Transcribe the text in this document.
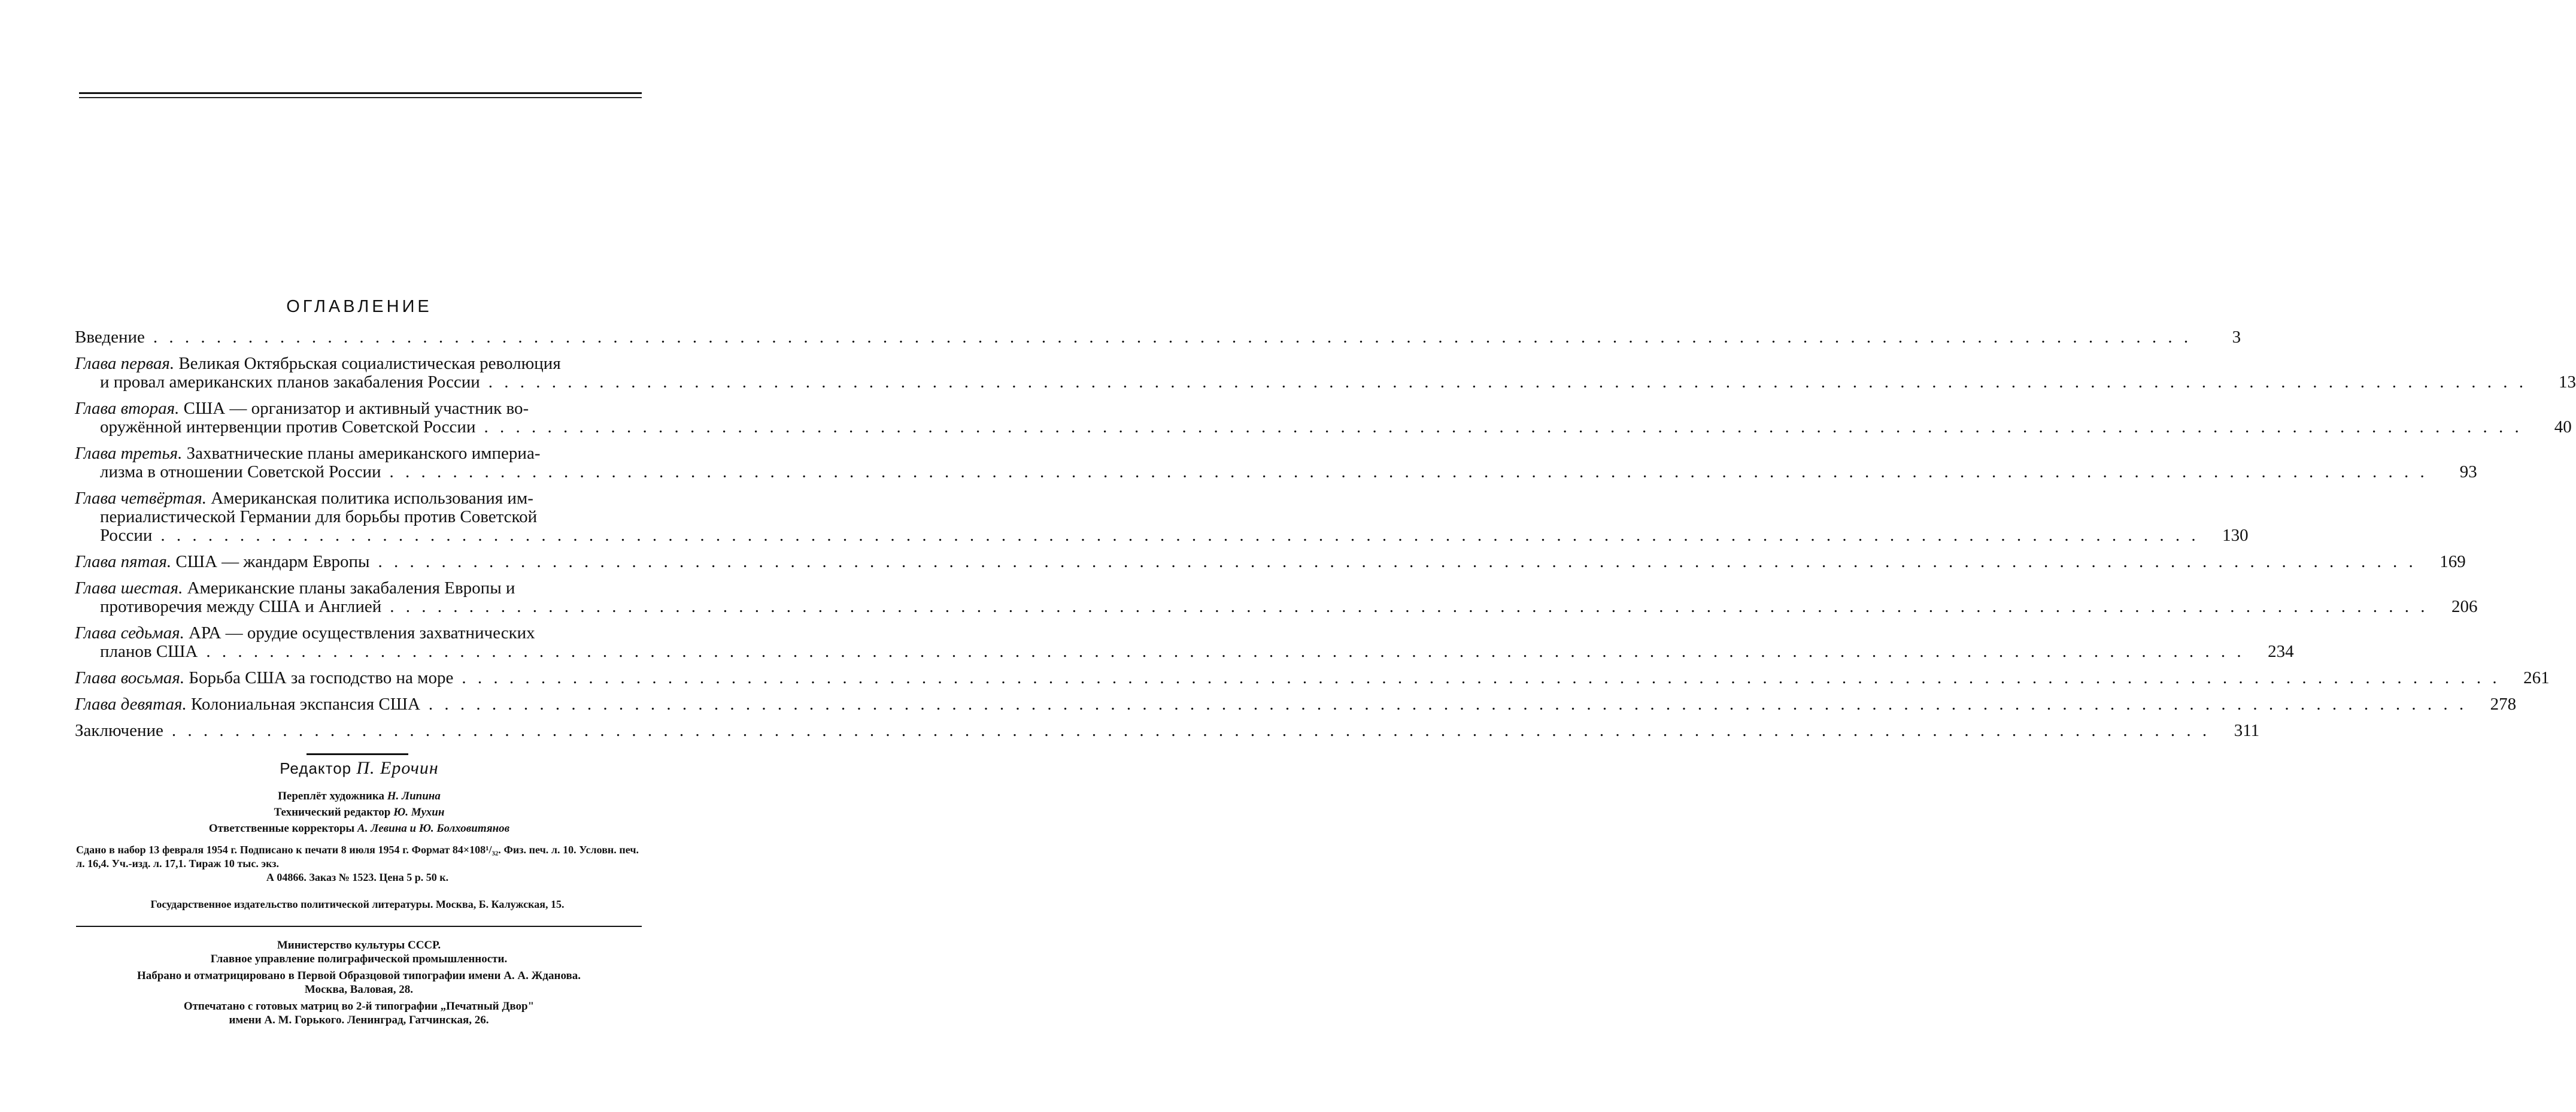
ОГЛАВЛЕНИЕ
Введение . . .	3
Глава первая. Великая Октябрьская социалистическая революция
и провал американских планов закабаления России . . .	13
Глава вторая. США — организатор и активный участник во-
оружённой интервенции против Советской России . . .	40
Глава третья. Захватнические планы американского империа-
лизма в отношении Советской России . . .	93
Глава четвёртая. Американская политика использования им-
периалистической Германии для борьбы против Советской
России . . .	130
Глава пятая. США — жандарм Европы . . .	169
Глава шестая. Американские планы закабаления Европы и
противоречия между США и Англией . . .	206
Глава седьмая. АРА — орудие осуществления захватнических
планов США . . .	234
Глава восьмая. Борьба США за господство на море . . .	261
Глава девятая. Колониальная экспансия США . . .	278
Заключение . . .	311
Редактор П. Ерочин
Переплёт художника Н. Липина
Технический редактор Ю. Мухин
Ответственные корректоры А. Левина и Ю. Болховитянов
Сдано в набор 13 февраля 1954 г. Подписано к печати 8 июля 1954 г. Формат 84×108¹/₃₂. Физ. печ. л. 10. Условн. печ. л. 16,4. Уч.-изд. л. 17,1. Тираж 10 тыс. экз.
А 04866. Заказ № 1523. Цена 5 р. 50 к.
Государственное издательство политической литературы. Москва, Б. Калужская, 15.

Министерство культуры СССР.
Главное управление полиграфической промышленности.

Набрано и отматрицировано в Первой Образцовой типографии имени А. А. Жданова.
Москва, Валовая, 28.

Отпечатано с готовых матриц во 2-й типографии „Печатный Двор"
имени А. М. Горького. Ленинград, Гатчинская, 26.
